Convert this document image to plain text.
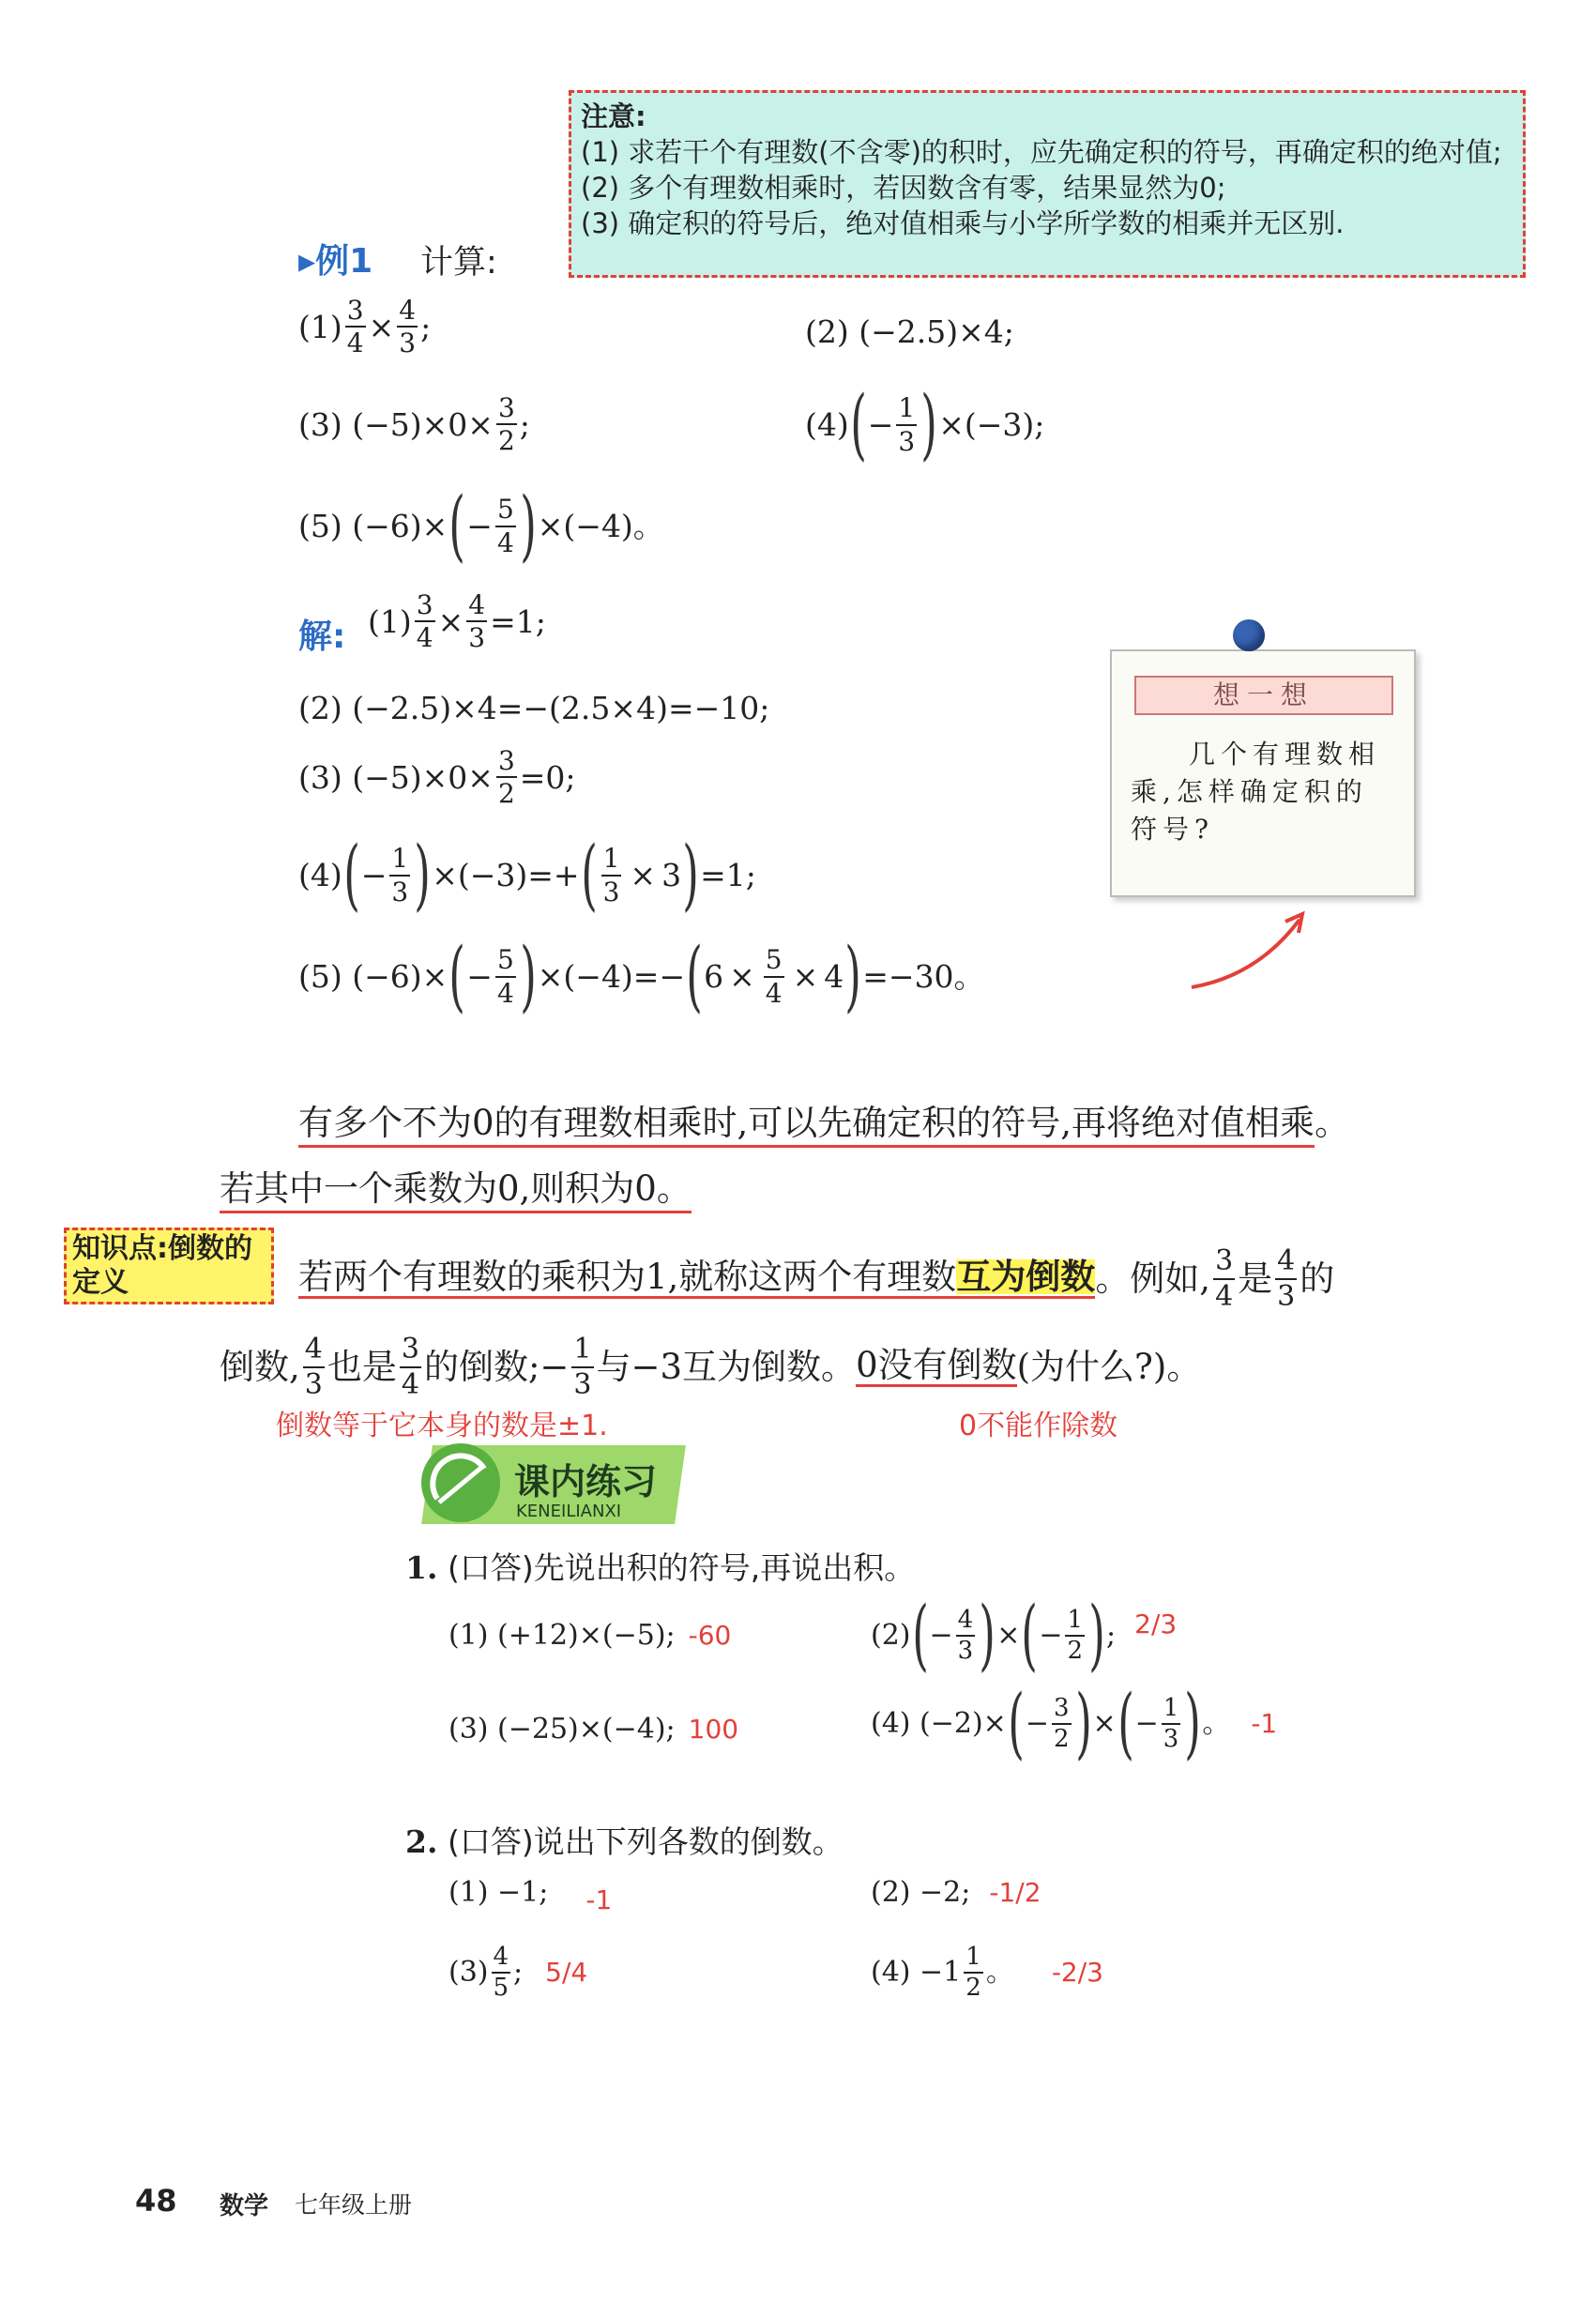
注意:
(1) 求若干个有理数(不含零)的积时，应先确定积的符号，再确定积的绝对值;
(2) 多个有理数相乘时，若因数含有零，结果显然为0;
(3) 确定积的符号后，绝对值相乘与小学所学数的相乘并无区别.
▸例1 计算:
$(1) \frac{3}{4} \times \frac{4}{3}$ ;	(2) (−2.5)×4;
(3) $(-5)\times 0\times \frac{3}{2}$ ;	(4) ( − $\frac{1}{3}$ ) ×(−3);
(5) (−6)× ( − $\frac{5}{4}$ ) ×(−4)。
解: $(1) \frac{3}{4} \times \frac{4}{3} =1$;
(2) (−2.5)×4=−(2.5×4)=−10;
(3) $(-5)\times 0\times \frac{3}{2} =0$;
(4) ( − $\frac{1}{3}$ ) ×(−3)=+ ( $\frac{1}{3} \times 3$ ) =1;
(5) (−6)× ( − $\frac{5}{4}$ ) ×(−4)=− ( $6 \times \frac{5}{4} \times 4$ ) =−30。
想一想
几个有理数相乘,怎样确定积的符号?
有多个不为0的有理数相乘时,可以先确定积的符号,再将绝对值相乘。
若其中一个乘数为0,则积为0。
知识点:倒数的定义	若两个有理数的乘积为1,就称这两个有理数 互为倒数 。例如, $\frac{3}{4}$ 是 $\frac{4}{3}$ 的
倒数, $\frac{4}{3}$ 也是 $\frac{3}{4}$ 的倒数;− $\frac{1}{3}$ 与−3互为倒数。 0没有倒数 (为什么?)。
倒数等于它本身的数是±1.	0不能作除数
课内练习
KENEILIANXI
1. (口答)先说出积的符号,再说出积。
(1) (+12)×(−5); -60	(2) ( − $\frac{4}{3}$ ) × ( − $\frac{1}{2}$ ) ; 2/3
(3) (−25)×(−4); 100	(4) (−2)× ( − $\frac{3}{2}$ ) × ( − $\frac{1}{3}$ ) 。 -1
2. (口答)说出下列各数的倒数。
(1) −1; -1	(2) −2; -1/2
$(3) \frac{4}{5}$ ; 5/4	$(4) -1 \frac{1}{2}$ 。 -2/3
48 数学 七年级上册
